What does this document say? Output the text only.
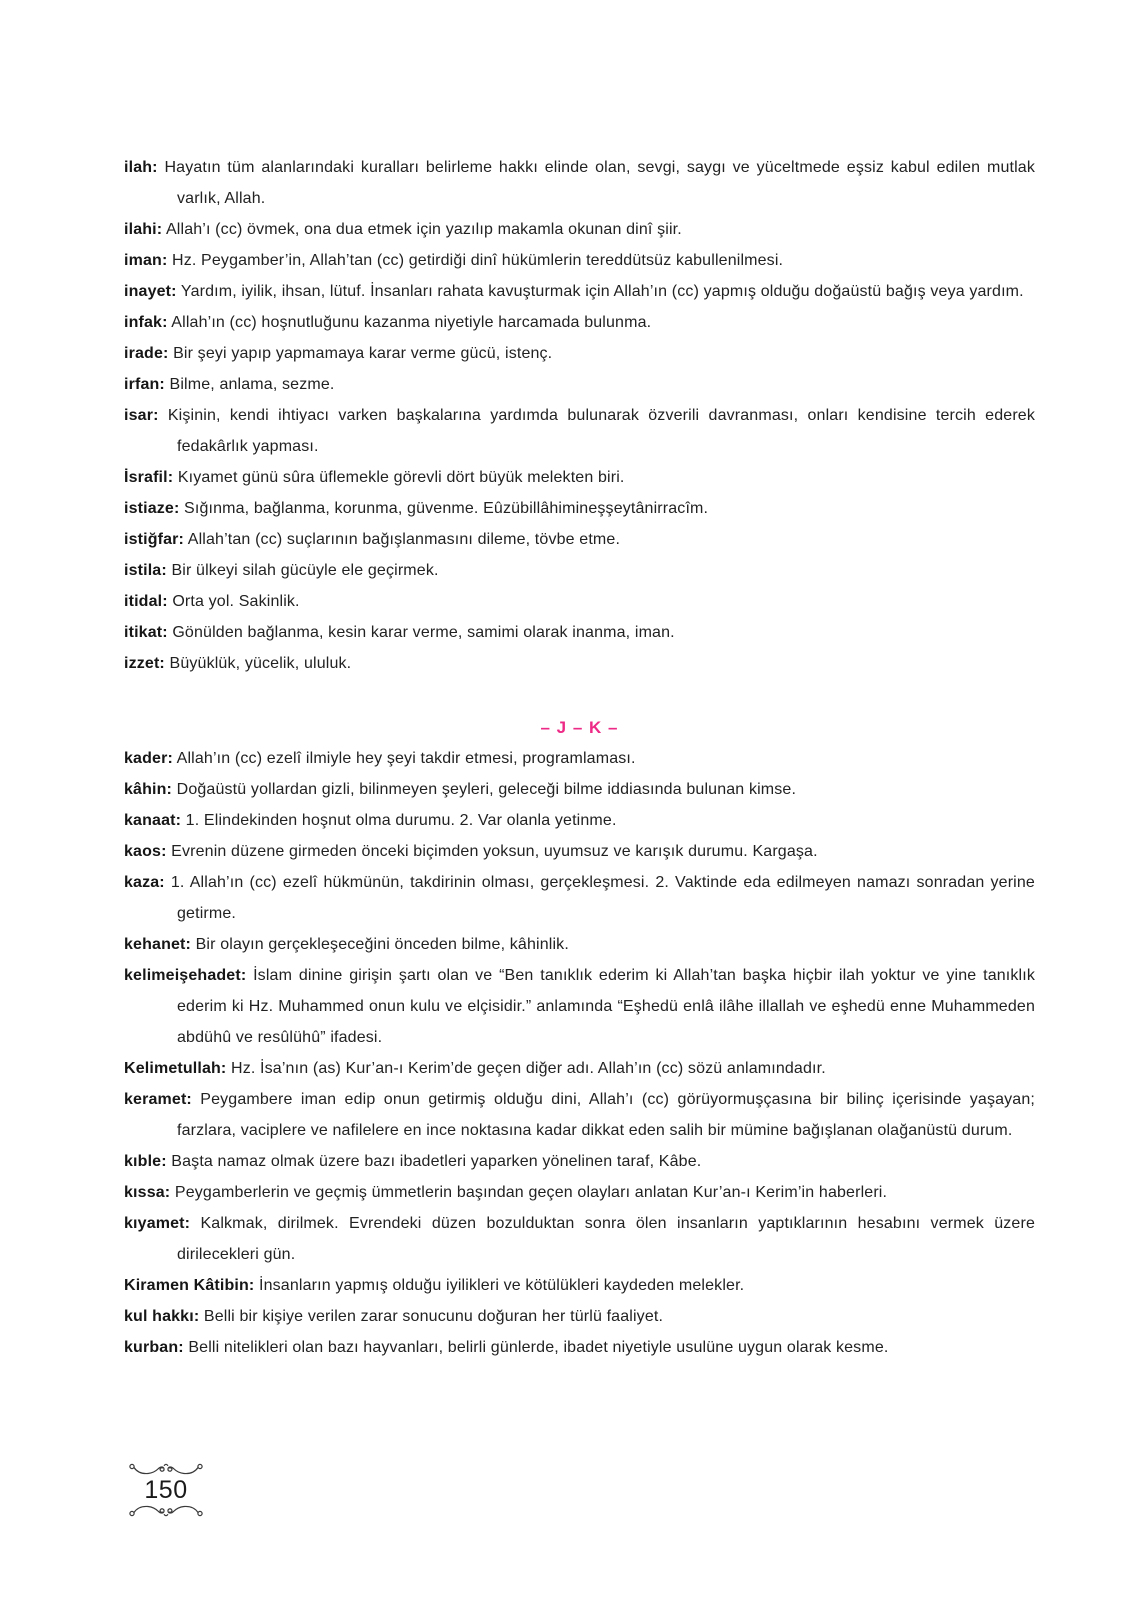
ilah: Hayatın tüm alanlarındaki kuralları belirleme hakkı elinde olan, sevgi, saygı ve yüceltmede eşsiz kabul edilen mutlak varlık, Allah.

ilahi: Allah’ı (cc) övmek, ona dua etmek için yazılıp makamla okunan dinî şiir.

iman: Hz. Peygamber’in, Allah’tan (cc) getirdiği dinî hükümlerin tereddütsüz kabullenilmesi.

inayet: Yardım, iyilik, ihsan, lütuf. İnsanları rahata kavuşturmak için Allah’ın (cc) yapmış olduğu doğaüstü bağış veya yardım.

infak: Allah’ın (cc) hoşnutluğunu kazanma niyetiyle harcamada bulunma.

irade: Bir şeyi yapıp yapmamaya karar verme gücü, istenç.

irfan: Bilme, anlama, sezme.

isar: Kişinin, kendi ihtiyacı varken başkalarına yardımda bulunarak özverili davranması, onları kendisine tercih ederek fedakârlık yapması.

İsrafil: Kıyamet günü sûra üflemekle görevli dört büyük melekten biri.

istiaze: Sığınma, bağlanma, korunma, güvenme. Eûzübillâhimineşşeytânirracîm.

istiğfar: Allah’tan (cc) suçlarının bağışlanmasını dileme, tövbe etme.

istila: Bir ülkeyi silah gücüyle ele geçirmek.

itidal: Orta yol. Sakinlik.

itikat: Gönülden bağlanma, kesin karar verme, samimi olarak inanma, iman.

izzet: Büyüklük, yücelik, ululuk.

– J – K –

kader: Allah’ın (cc) ezelî ilmiyle hey şeyi takdir etmesi, programlaması.

kâhin: Doğaüstü yollardan gizli, bilinmeyen şeyleri, geleceği bilme iddiasında bulunan kimse.

kanaat: 1. Elindekinden hoşnut olma durumu. 2. Var olanla yetinme.

kaos: Evrenin düzene girmeden önceki biçimden yoksun, uyumsuz ve karışık durumu. Kargaşa.

kaza: 1. Allah’ın (cc) ezelî hükmünün, takdirinin olması, gerçekleşmesi. 2. Vaktinde eda edilmeyen namazı sonradan yerine getirme.

kehanet: Bir olayın gerçekleşeceğini önceden bilme, kâhinlik.

kelimeişehadet: İslam dinine girişin şartı olan ve “Ben tanıklık ederim ki Allah’tan başka hiçbir ilah yoktur ve yine tanıklık ederim ki Hz. Muhammed onun kulu ve elçisidir.” anlamında “Eşhedü enlâ ilâhe illallah ve eşhedü enne Muhammeden abdühû ve resûlühû” ifadesi.

Kelimetullah: Hz. İsa’nın (as) Kur’an-ı Kerim’de geçen diğer adı. Allah’ın (cc) sözü anlamındadır.

keramet: Peygambere iman edip onun getirmiş olduğu dini, Allah’ı (cc) görüyormuşçasına bir bilinç içerisinde yaşayan; farzlara, vaciplere ve nafilelere en ince noktasına kadar dikkat eden salih bir mümine bağışlanan olağanüstü durum.

kıble: Başta namaz olmak üzere bazı ibadetleri yaparken yönelinen taraf, Kâbe.

kıssa: Peygamberlerin ve geçmiş ümmetlerin başından geçen olayları anlatan Kur’an-ı Kerim’in haberleri.

kıyamet: Kalkmak, dirilmek. Evrendeki düzen bozulduktan sonra ölen insanların yaptıklarının hesabını vermek üzere dirilecekleri gün.

Kiramen Kâtibin: İnsanların yapmış olduğu iyilikleri ve kötülükleri kaydeden melekler.

kul hakkı: Belli bir kişiye verilen zarar sonucunu doğuran her türlü faaliyet.

kurban: Belli nitelikleri olan bazı hayvanları, belirli günlerde, ibadet niyetiyle usulüne uygun olarak kesme.

150
